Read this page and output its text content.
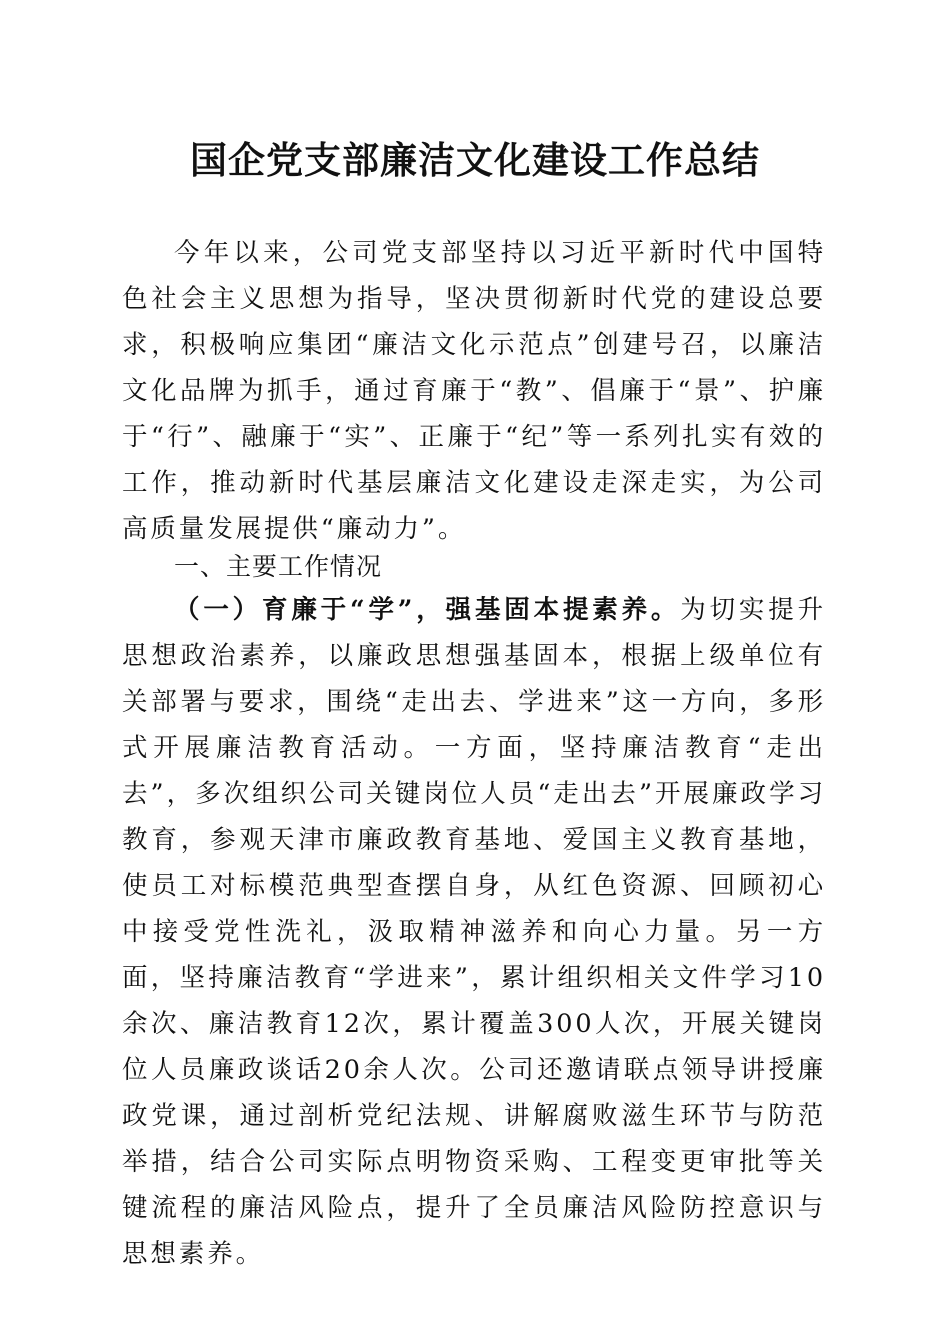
国企党支部廉洁文化建设工作总结

今年以来，公司党支部坚持以习近平新时代中国特色社会主义思想为指导，坚决贯彻新时代党的建设总要求，积极响应集团“廉洁文化示范点”创建号召，以廉洁文化品牌为抓手，通过育廉于“教”、倡廉于“景”、护廉于“行”、融廉于“实”、正廉于“纪”等一系列扎实有效的工作，推动新时代基层廉洁文化建设走深走实，为公司高质量发展提供“廉动力”。

一、主要工作情况

（一）育廉于“学”，强基固本提素养。为切实提升思想政治素养，以廉政思想强基固本，根据上级单位有关部署与要求，围绕“走出去、学进来”这一方向，多形式开展廉洁教育活动。一方面，坚持廉洁教育“走出去”，多次组织公司关键岗位人员“走出去”开展廉政学习教育，参观天津市廉政教育基地、爱国主义教育基地，使员工对标模范典型查摆自身，从红色资源、回顾初心中接受党性洗礼，汲取精神滋养和向心力量。另一方面，坚持廉洁教育“学进来”，累计组织相关文件学习10余次、廉洁教育12次，累计覆盖300人次，开展关键岗位人员廉政谈话20余人次。公司还邀请联点领导讲授廉政党课，通过剖析党纪法规、讲解腐败滋生环节与防范举措，结合公司实际点明物资采购、工程变更审批等关键流程的廉洁风险点，提升了全员廉洁风险防控意识与思想素养。
